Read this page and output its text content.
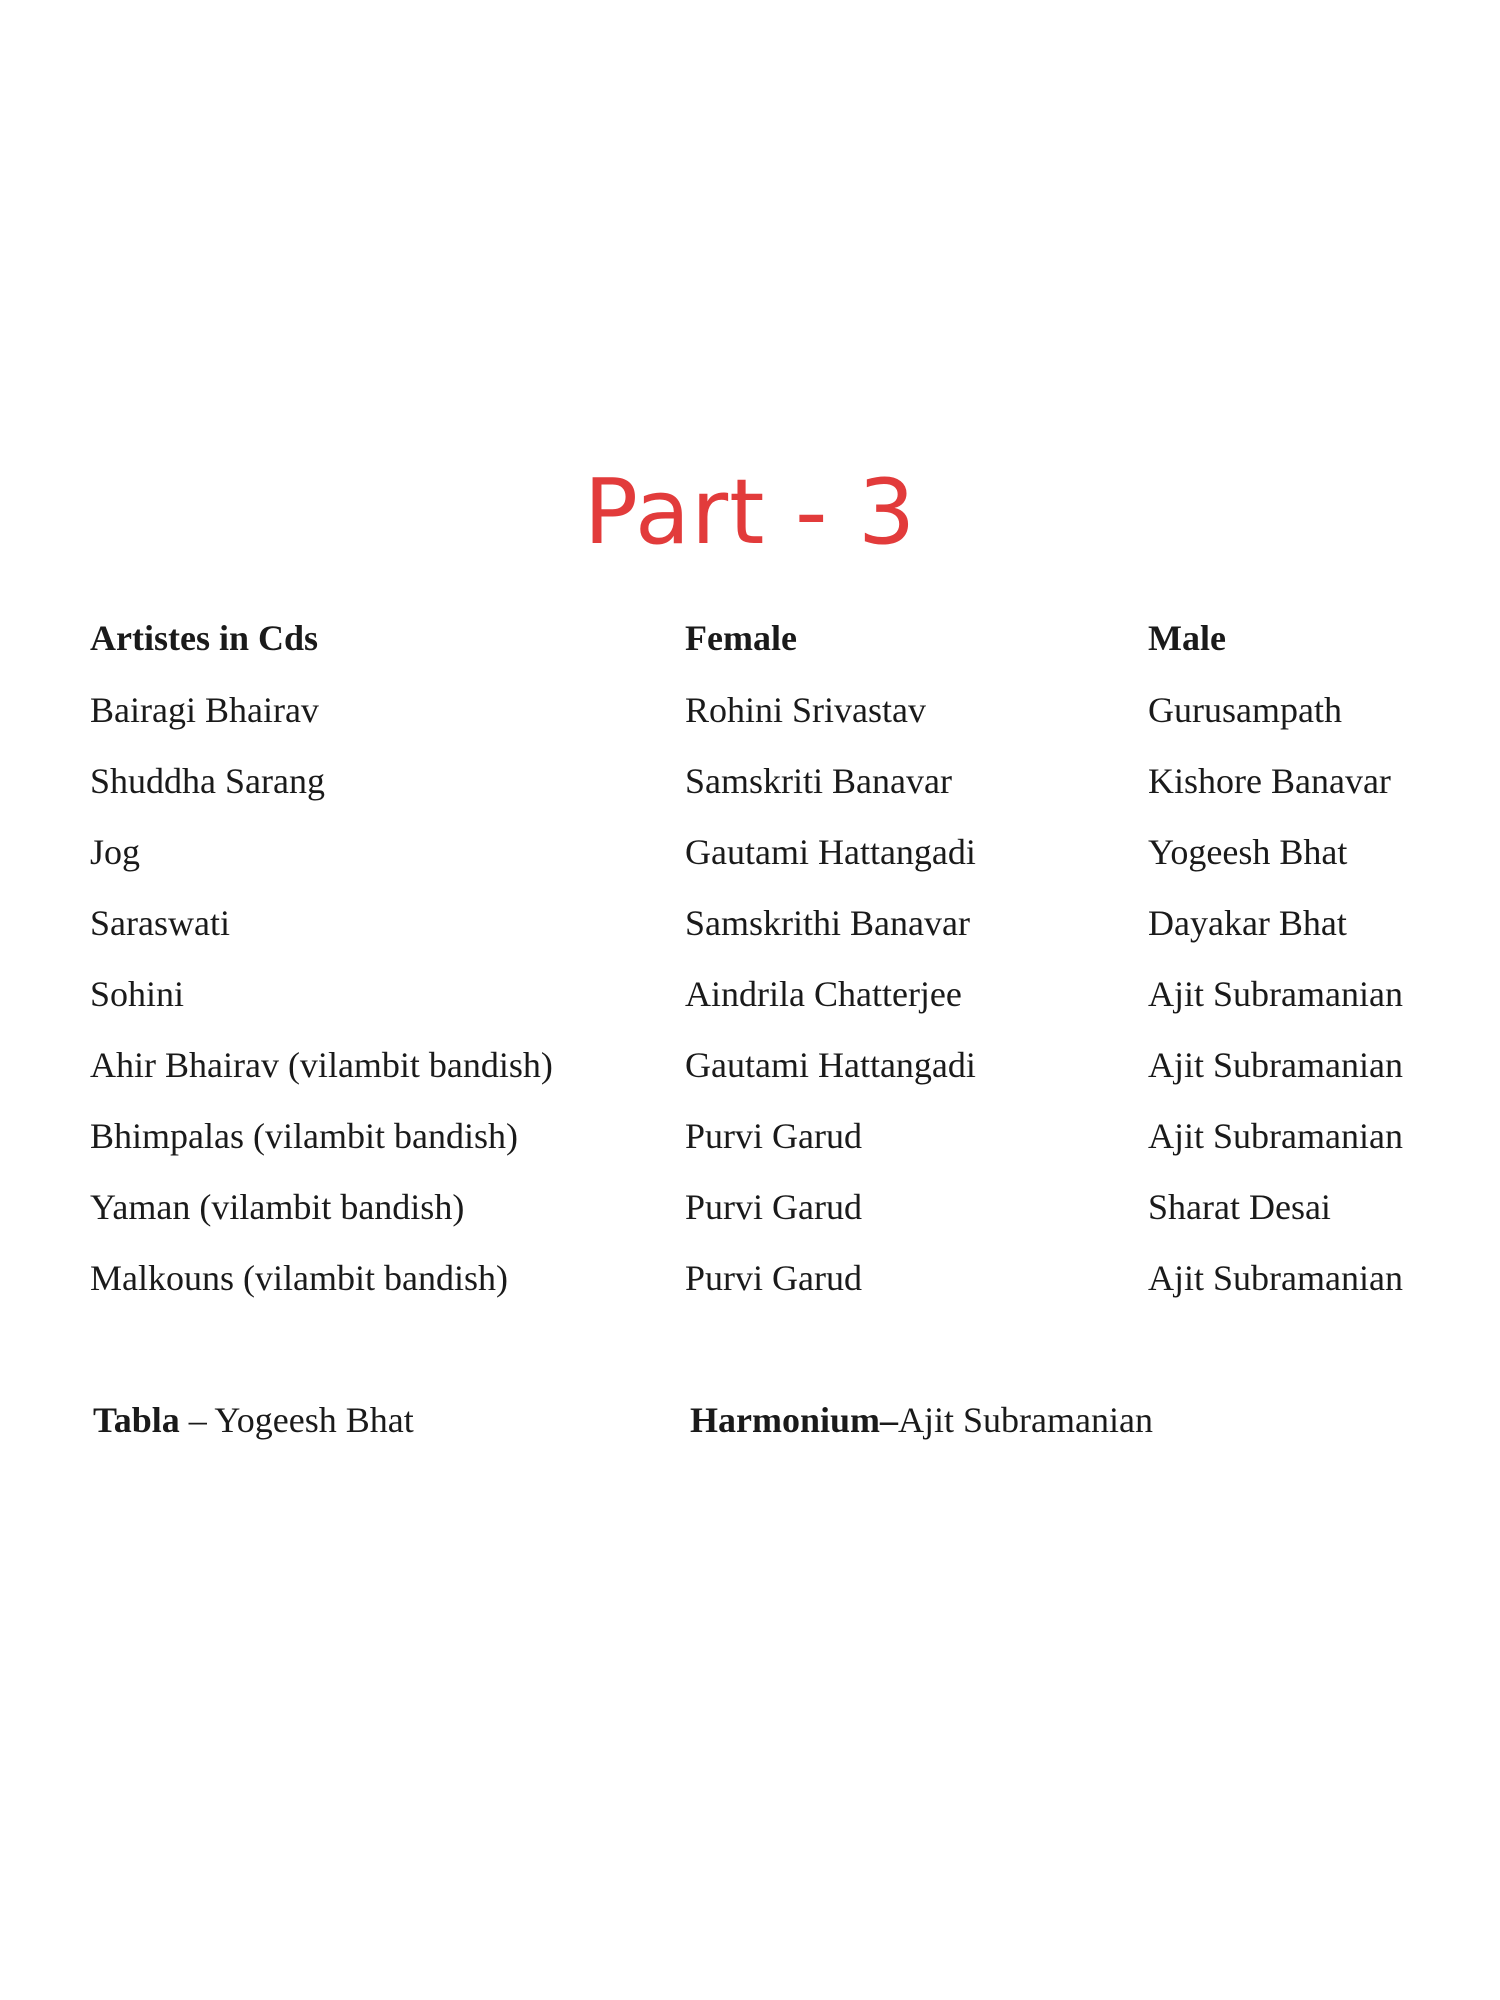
Part - 3
Artistes in Cds	Female	Male
Bairagi Bhairav	Rohini Srivastav	Gurusampath
Shuddha Sarang	Samskriti Banavar	Kishore Banavar
Jog	Gautami Hattangadi	Yogeesh Bhat
Saraswati	Samskrithi Banavar	Dayakar Bhat
Sohini	Aindrila Chatterjee	Ajit Subramanian
Ahir Bhairav (vilambit bandish)	Gautami Hattangadi	Ajit Subramanian
Bhimpalas (vilambit bandish)	Purvi Garud	Ajit Subramanian
Yaman (vilambit bandish)	Purvi Garud	Sharat Desai
Malkouns (vilambit bandish)	Purvi Garud	Ajit Subramanian
Tabla – Yogeesh Bhat	Harmonium–Ajit Subramanian
